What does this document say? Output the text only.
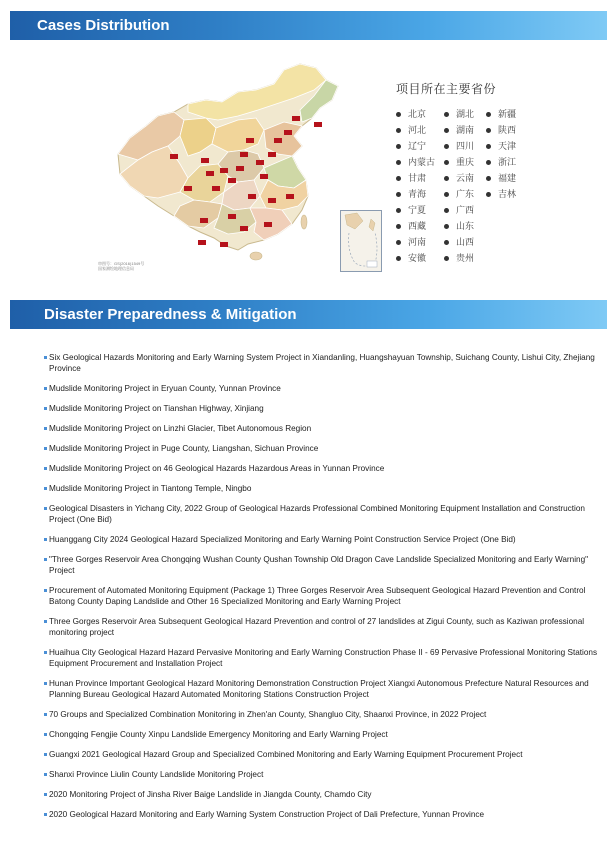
Cases Distribution
审图号：GS(2016)1549号
国家测绘地理信息局
项目所在主要省份
北京
河北
辽宁
内蒙古
甘肃
青海
宁夏
西藏
河南
安徽
湖北
湖南
四川
重庆
云南
广东
广西
山东
山西
贵州
新疆
陕西
天津
浙江
福建
吉林
Disaster Preparedness & Mitigation
Six Geological Hazards Monitoring and Early Warning System Project in Xiandanling, Huangshayuan Township, Suichang County, Lishui City, Zhejiang Province
Mudslide Monitoring Project in Eryuan County, Yunnan Province
Mudslide Monitoring Project on Tianshan Highway, Xinjiang
Mudslide Monitoring Project on Linzhi Glacier, Tibet Autonomous Region
Mudslide Monitoring Project in Puge County, Liangshan, Sichuan Province
Mudslide Monitoring Project on 46 Geological Hazards Hazardous Areas in Yunnan Province
Mudslide Monitoring Project in Tiantong Temple, Ningbo
Geological Disasters in Yichang City, 2022 Group of Geological Hazards Professional Combined Monitoring Equipment Installation and Construction Project (One Bid)
Huanggang City 2024 Geological Hazard Specialized Monitoring and Early Warning Point Construction Service Project (One Bid)
"Three Gorges Reservoir Area Chongqing Wushan County Qushan Township Old Dragon Cave Landslide Specialized Monitoring and Early Warning" Project
Procurement of Automated Monitoring Equipment (Package 1) Three Gorges Reservoir Area Subsequent Geological Hazard Prevention and Control Batong County Daping Landslide and Other 16 Specialized Monitoring and Early Warning Project
Three Gorges Reservoir Area Subsequent Geological Hazard Prevention and control of 27 landslides at Zigui County, such as Kaziwan professional monitoring project
Huaihua City Geological Hazard Hazard Pervasive Monitoring and Early Warning Construction Phase II - 69 Pervasive Professional Monitoring Stations Equipment Procurement and Installation Project
Hunan Province Important Geological Hazard Monitoring Demonstration Construction Project Xiangxi Autonomous Prefecture Natural Resources and Planning Bureau Geological Hazard Automated Monitoring Stations Construction Project
70 Groups and Specialized Combination Monitoring in Zhen'an County, Shangluo City, Shaanxi Province, in 2022 Project
Chongqing Fengjie County Xinpu Landslide Emergency Monitoring and Early Warning Project
Guangxi 2021 Geological Hazard Group and Specialized Combined Monitoring and Early Warning Equipment Procurement Project
Shanxi Province Liulin County Landslide Monitoring Project
2020 Monitoring Project of Jinsha River Baige Landslide in Jiangda County, Chamdo City
2020 Geological Hazard Monitoring and Early Warning System Construction Project of Dali Prefecture, Yunnan Province
